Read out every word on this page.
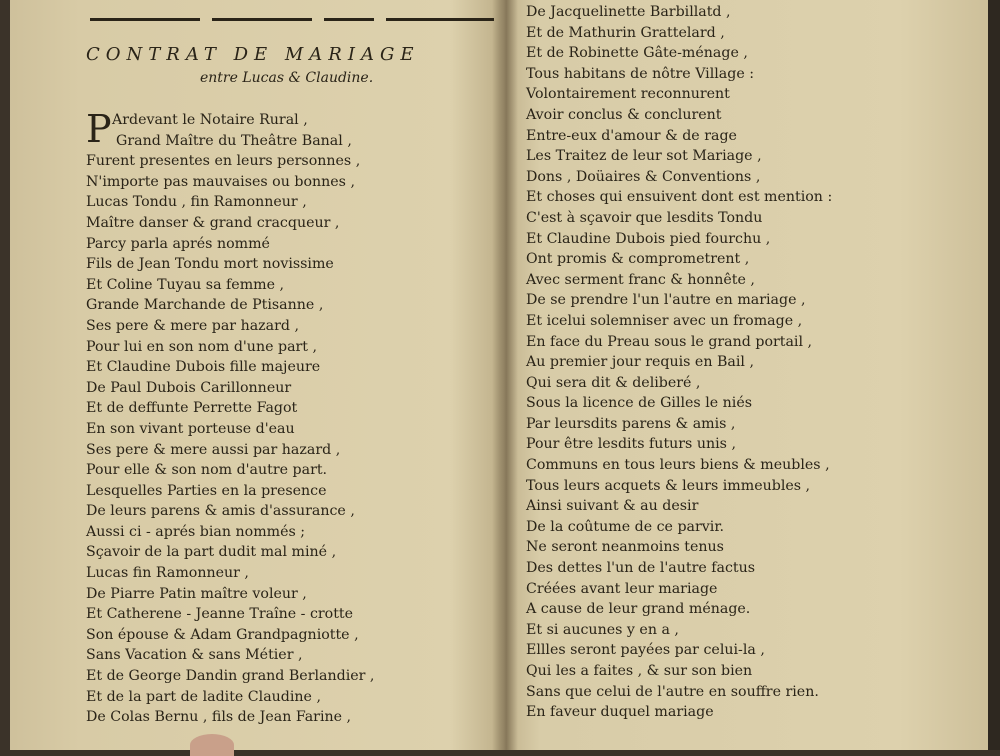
CONTRAT DE MARIAGE
entre Lucas & Claudine.
P Ardevant le Notaire Rural ,
Grand Maître du Theâtre Banal ,
Furent presentes en leurs personnes ,
N'importe pas mauvaises ou bonnes ,
Lucas Tondu , fin Ramonneur ,
Maître danser & grand cracqueur ,
Parcy parla aprés nommé
Fils de Jean Tondu mort novissime
Et Coline Tuyau sa femme ,
Grande Marchande de Ptisanne ,
Ses pere & mere par hazard ,
Pour lui en son nom d'une part ,
Et Claudine Dubois fille majeure
De Paul Dubois Carillonneur
Et de deffunte Perrette Fagot
En son vivant porteuse d'eau
Ses pere & mere aussi par hazard ,
Pour elle & son nom d'autre part.
Lesquelles Parties en la presence
De leurs parens & amis d'assurance ,
Aussi ci - aprés bian nommés ;
Sçavoir de la part dudit mal miné ,
Lucas fin Ramonneur ,
De Piarre Patin maître voleur ,
Et Catherene - Jeanne Traîne - crotte
Son épouse & Adam Grandpagniotte ,
Sans Vacation & sans Métier ,
Et de George Dandin grand Berlandier ,
Et de la part de ladite Claudine ,
De Colas Bernu , fils de Jean Farine ,
De Jacquelinette Barbillatd ,
Et de Mathurin Grattelard ,
Et de Robinette Gâte-ménage ,
Tous habitans de nôtre Village :
Volontairement reconnurent
Avoir conclus & conclurent
Entre-eux d'amour & de rage
Les Traitez de leur sot Mariage ,
Dons , Doüaires & Conventions ,
Et choses qui ensuivent dont est mention :
C'est à sçavoir que lesdits Tondu
Et Claudine Dubois pied fourchu ,
Ont promis & comprometrent ,
Avec serment franc & honnête ,
De se prendre l'un l'autre en mariage ,
Et icelui solemniser avec un fromage ,
En face du Preau sous le grand portail ,
Au premier jour requis en Bail ,
Qui sera dit & deliberé ,
Sous la licence de Gilles le niés
Par leursdits parens & amis ,
Pour être lesdits futurs unis ,
Communs en tous leurs biens & meubles ,
Tous leurs acquets & leurs immeubles ,
Ainsi suivant & au desir
De la coûtume de ce parvir.
Ne seront neanmoins tenus
Des dettes l'un de l'autre factus
Créées avant leur mariage
A cause de leur grand ménage.
Et si aucunes y en a ,
Ellles seront payées par celui-la ,
Qui les a faites , & sur son bien
Sans que celui de l'autre en souffre rien.
En faveur duquel mariage
